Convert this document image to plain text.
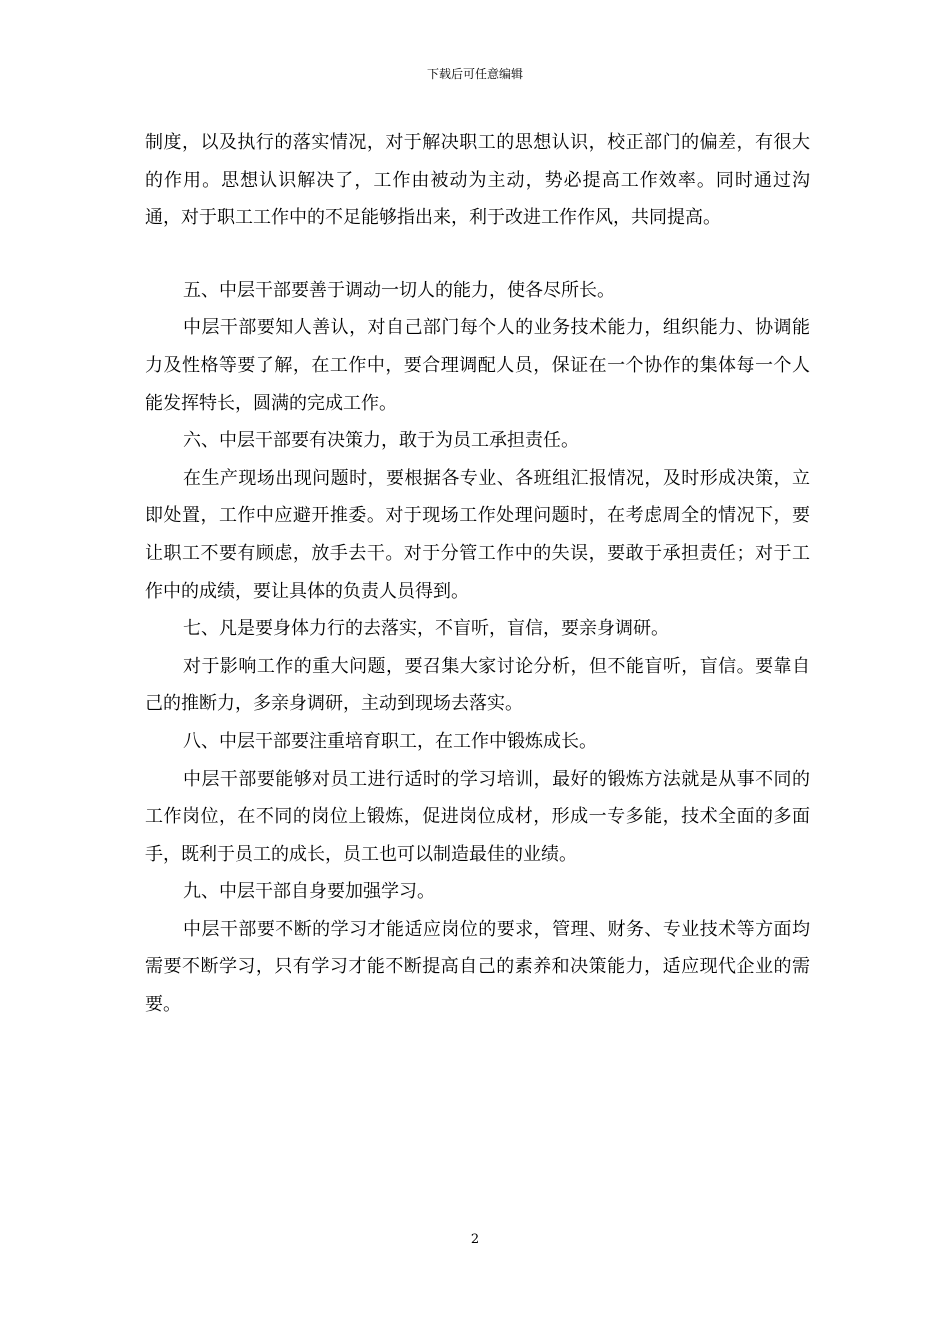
下载后可任意编辑

制度，以及执行的落实情况，对于解决职工的思想认识，校正部门的偏差，有很大的作用。思想认识解决了，工作由被动为主动，势必提高工作效率。同时通过沟通，对于职工工作中的不足能够指出来，利于改进工作作风，共同提高。

五、中层干部要善于调动一切人的能力，使各尽所长。

中层干部要知人善认，对自己部门每个人的业务技术能力，组织能力、协调能力及性格等要了解，在工作中，要合理调配人员，保证在一个协作的集体每一个人能发挥特长，圆满的完成工作。

六、中层干部要有决策力，敢于为员工承担责任。

在生产现场出现问题时，要根据各专业、各班组汇报情况，及时形成决策，立即处置，工作中应避开推委。对于现场工作处理问题时，在考虑周全的情况下，要让职工不要有顾虑，放手去干。对于分管工作中的失误，要敢于承担责任；对于工作中的成绩，要让具体的负责人员得到。

七、凡是要身体力行的去落实，不盲听，盲信，要亲身调研。

对于影响工作的重大问题，要召集大家讨论分析，但不能盲听，盲信。要靠自己的推断力，多亲身调研，主动到现场去落实。

八、中层干部要注重培育职工，在工作中锻炼成长。

中层干部要能够对员工进行适时的学习培训，最好的锻炼方法就是从事不同的工作岗位，在不同的岗位上锻炼，促进岗位成材，形成一专多能，技术全面的多面手，既利于员工的成长，员工也可以制造最佳的业绩。

九、中层干部自身要加强学习。

中层干部要不断的学习才能适应岗位的要求，管理、财务、专业技术等方面均需要不断学习，只有学习才能不断提高自己的素养和决策能力，适应现代企业的需要。

2
